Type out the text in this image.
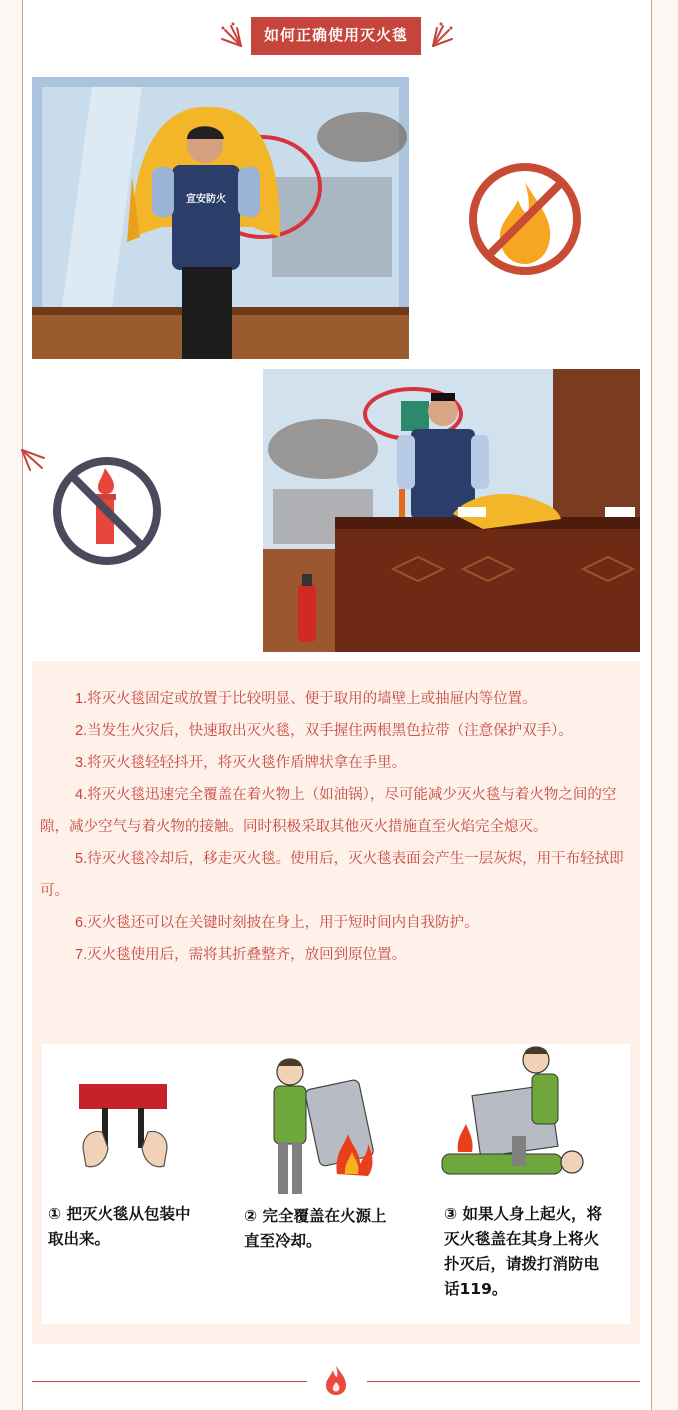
如何正确使用灭火毯
宣安防火

1.将灭火毯固定或放置于比较明显、便于取用的墙壁上或抽屉内等位置。

2.当发生火灾后，快速取出灭火毯，双手握住两根黑色拉带（注意保护双手）。

3.将灭火毯轻轻抖开，将灭火毯作盾牌状拿在手里。

4.将灭火毯迅速完全覆盖在着火物上（如油锅），尽可能减少灭火毯与着火物之间的空隙，减少空气与着火物的接触。同时积极采取其他灭火措施直至火焰完全熄灭。

5.待灭火毯冷却后，移走灭火毯。使用后，灭火毯表面会产生一层灰烬，用干布轻拭即可。

6.灭火毯还可以在关键时刻披在身上，用于短时间内自我防护。

7.灭火毯使用后，需将其折叠整齐，放回到原位置。

① 把灭火毯从包装中
取出来。
② 完全覆盖在火源上
直至冷却。
③ 如果人身上起火，将
灭火毯盖在其身上将火
扑灭后，请拨打消防电
话119。
